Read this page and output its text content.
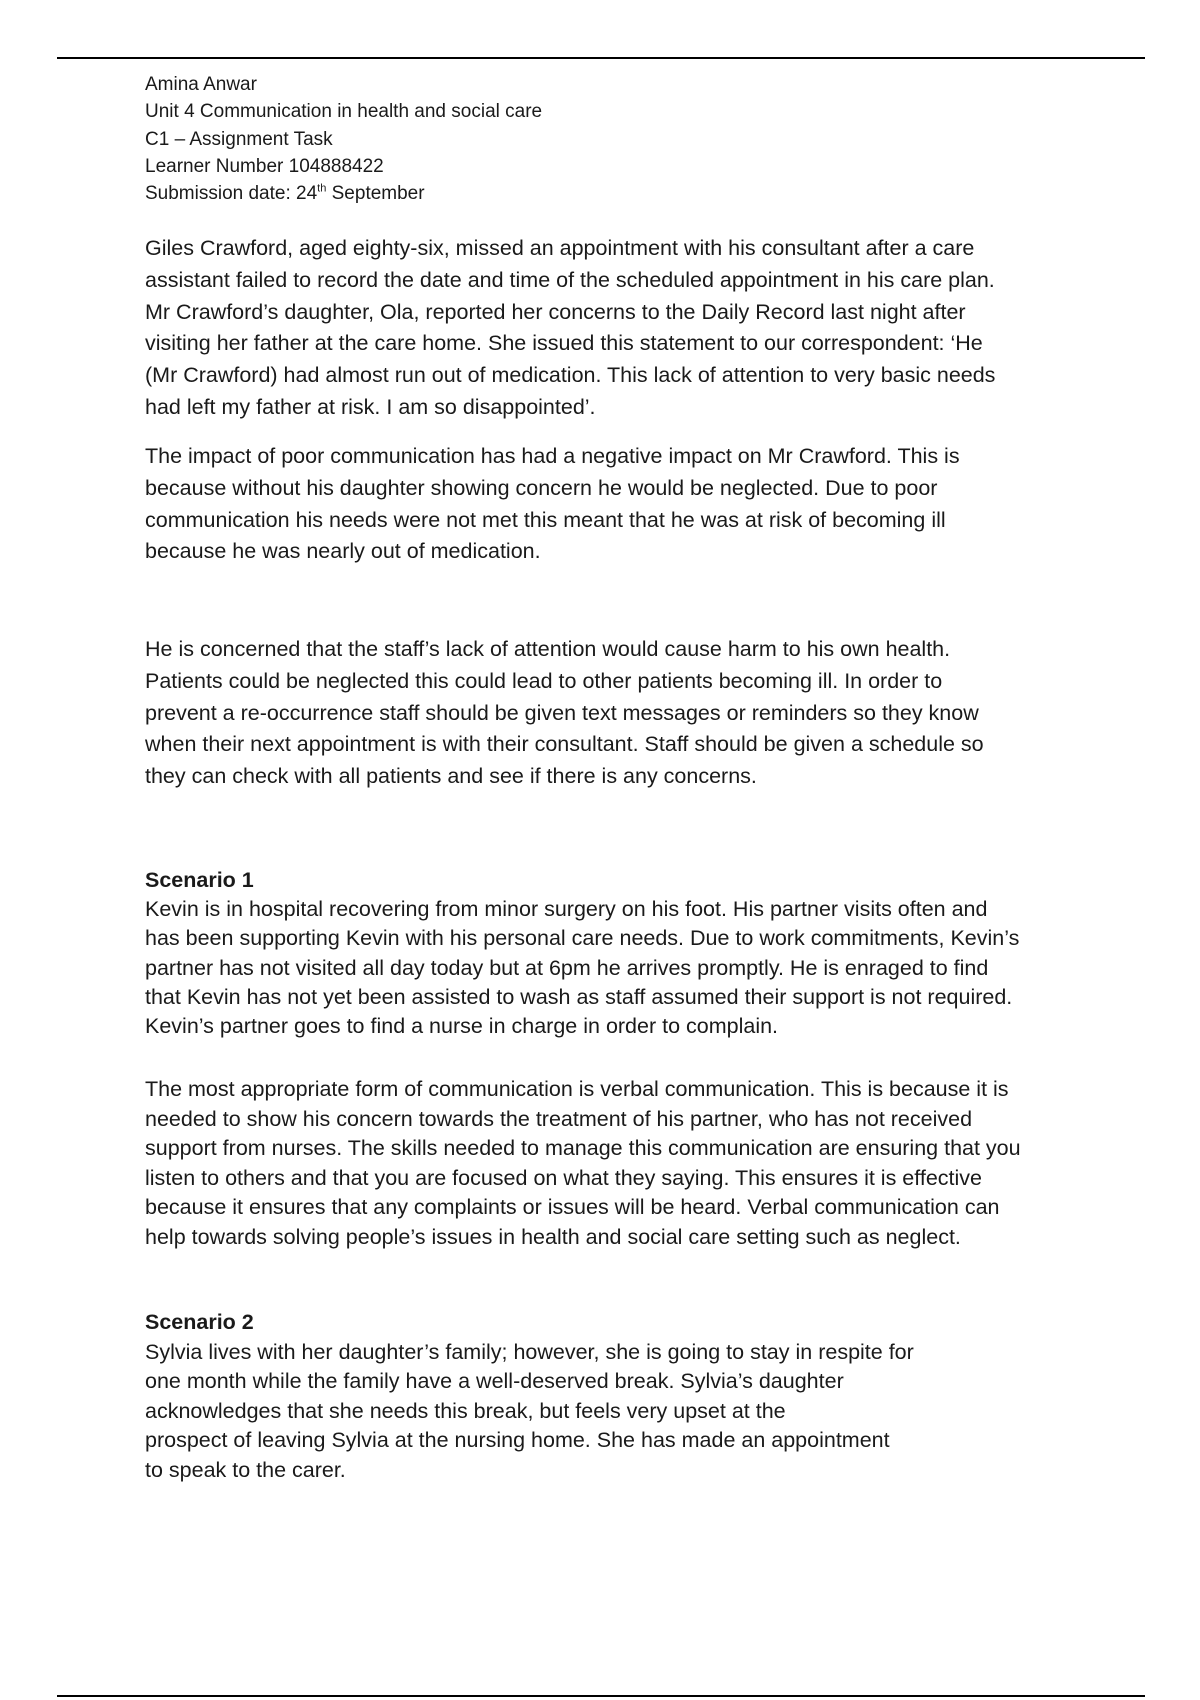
Amina Anwar
Unit 4 Communication in health and social care
C1 – Assignment Task
Learner Number 104888422
Submission date: 24th September
Giles Crawford, aged eighty-six, missed an appointment with his consultant after a care
assistant failed to record the date and time of the scheduled appointment in his care plan.
Mr Crawford’s daughter, Ola, reported her concerns to the Daily Record last night after
visiting her father at the care home. She issued this statement to our correspondent: ‘He
(Mr Crawford) had almost run out of medication. This lack of attention to very basic needs
had left my father at risk. I am so disappointed’.
The impact of poor communication has had a negative impact on Mr Crawford. This is
because without his daughter showing concern he would be neglected. Due to poor
communication his needs were not met this meant that he was at risk of becoming ill
because he was nearly out of medication.
He is concerned that the staff’s lack of attention would cause harm to his own health.
Patients could be neglected this could lead to other patients becoming ill. In order to
prevent a re-occurrence staff should be given text messages or reminders so they know
when their next appointment is with their consultant. Staff should be given a schedule so
they can check with all patients and see if there is any concerns.
Scenario 1
Kevin is in hospital recovering from minor surgery on his foot. His partner visits often and
has been supporting Kevin with his personal care needs. Due to work commitments, Kevin’s
partner has not visited all day today but at 6pm he arrives promptly. He is enraged to find
that Kevin has not yet been assisted to wash as staff assumed their support is not required.
Kevin’s partner goes to find a nurse in charge in order to complain.
The most appropriate form of communication is verbal communication. This is because it is
needed to show his concern towards the treatment of his partner, who has not received
support from nurses. The skills needed to manage this communication are ensuring that you
listen to others and that you are focused on what they saying. This ensures it is effective
because it ensures that any complaints or issues will be heard. Verbal communication can
help towards solving people’s issues in health and social care setting such as neglect.
Scenario 2
Sylvia lives with her daughter’s family; however, she is going to stay in respite for
one month while the family have a well-deserved break. Sylvia’s daughter
acknowledges that she needs this break, but feels very upset at the
prospect of leaving Sylvia at the nursing home. She has made an appointment
to speak to the carer.
